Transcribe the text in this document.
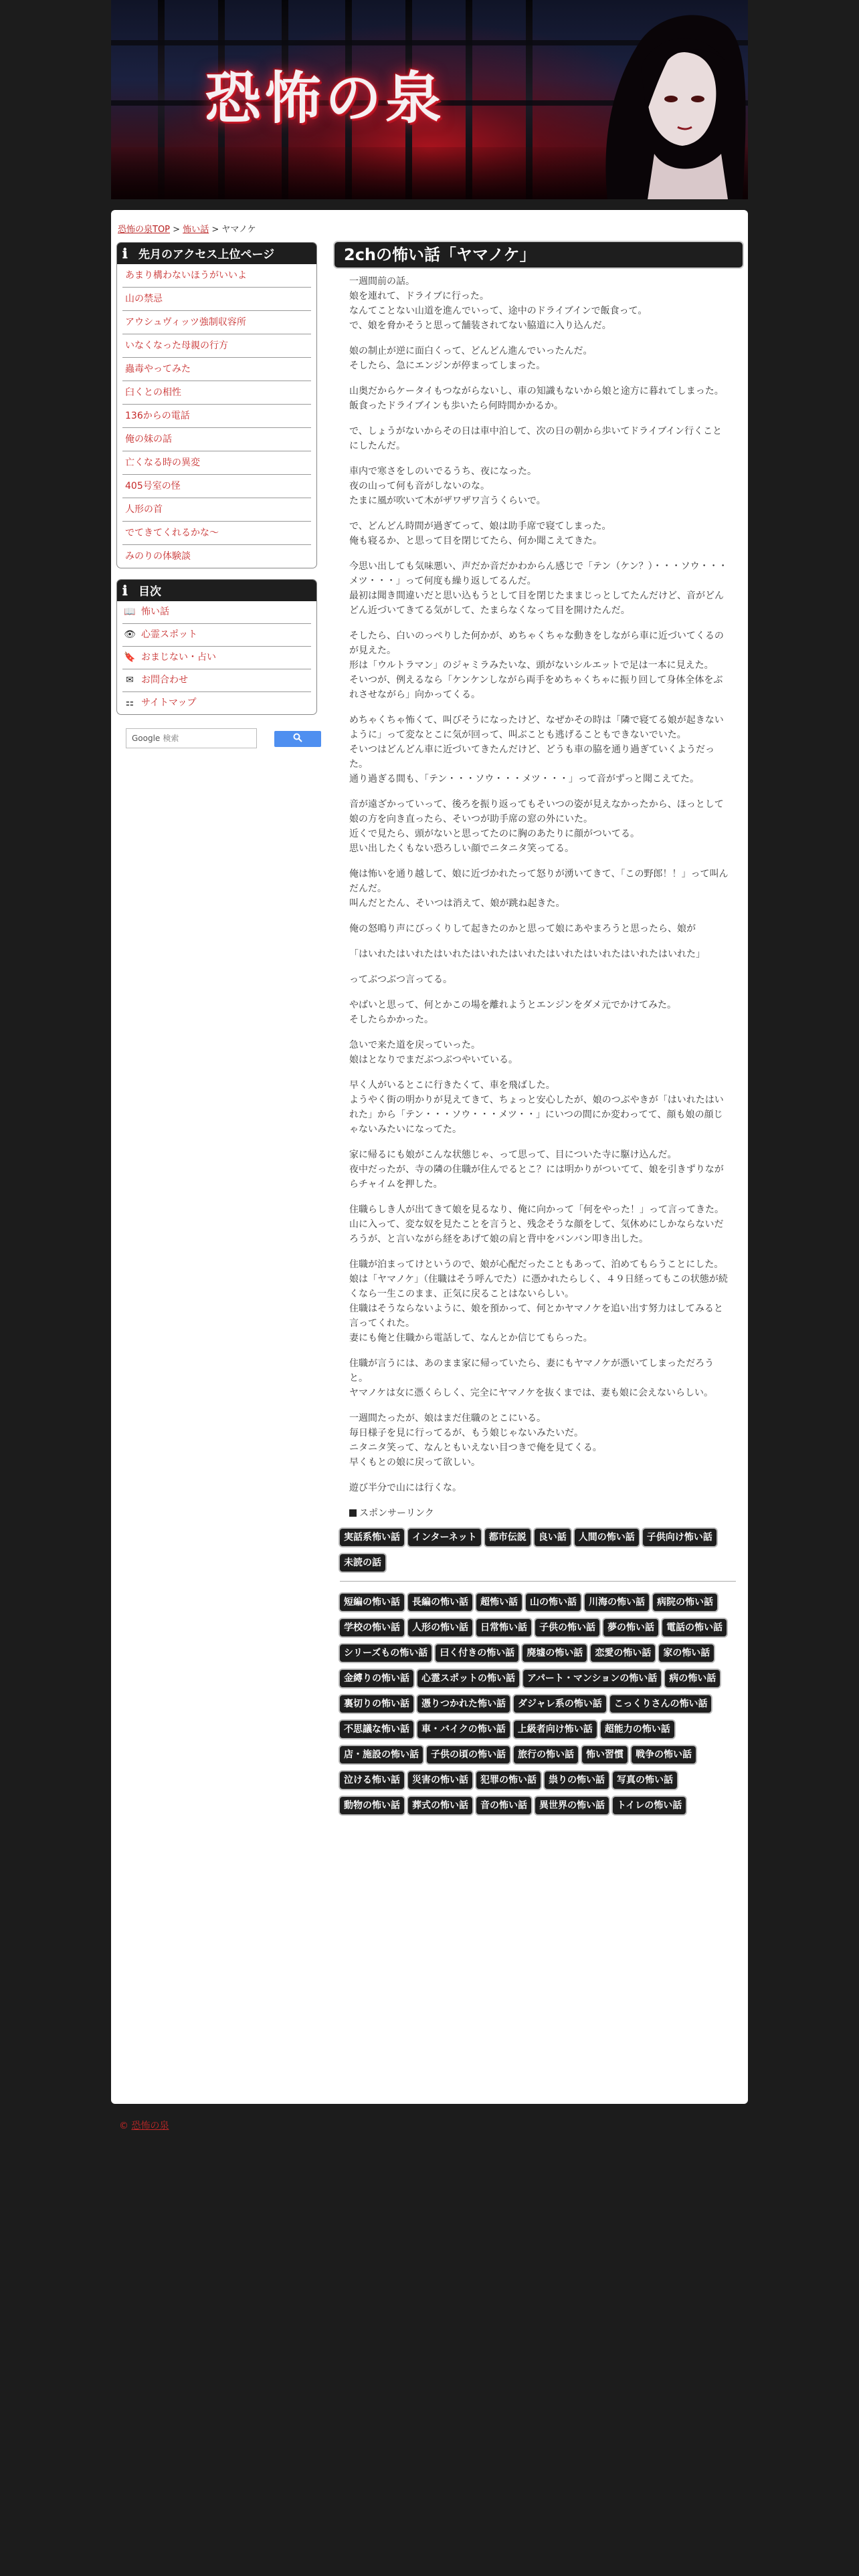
恐怖の泉
恐怖の泉TOP > 怖い話 > ヤマノケ
ℹ 先月のアクセス上位ページ
あまり構わないほうがいいよ
山の禁忌
アウシュヴィッツ強制収容所
いなくなった母親の行方
蟲毒やってみた
臼くとの相性
136からの電話
俺の妹の話
亡くなる時の異変
405号室の怪
人形の首
でてきてくれるかな〜
みのりの体験談
ℹ 目次
📖 怖い話
👁 心霊スポット
🔖 おまじない・占い
✉ お問合わせ
⚏ サイトマップ
Google 検索
2chの怖い話「ヤマノケ」

一週間前の話。
娘を連れて、ドライブに行った。
なんてことない山道を進んでいって、途中のドライブインで飯食って。
で、娘を脅かそうと思って舗装されてない脇道に入り込んだ。

娘の制止が逆に面白くって、どんどん進んでいったんだ。
そしたら、急にエンジンが停まってしまった。

山奥だからケータイもつながらないし、車の知識もないから娘と途方に暮れてしまった。
飯食ったドライブインも歩いたら何時間かかるか。

で、しょうがないからその日は車中泊して、次の日の朝から歩いてドライブイン行くことにしたんだ。

車内で寒さをしのいでるうち、夜になった。
夜の山って何も音がしないのな。
たまに風が吹いて木がザワザワ言うくらいで。

で、どんどん時間が過ぎてって、娘は助手席で寝てしまった。
俺も寝るか、と思って目を閉じてたら、何か聞こえてきた。

今思い出しても気味悪い、声だか音だかわからん感じで「テン（ケン？）・・・ソウ・・・メツ・・・」って何度も繰り返してるんだ。
最初は聞き間違いだと思い込もうとして目を閉じたままじっとしてたんだけど、音がどんどん近づいてきてる気がして、たまらなくなって目を開けたんだ。

そしたら、白いのっぺりした何かが、めちゃくちゃな動きをしながら車に近づいてくるのが見えた。
形は「ウルトラマン」のジャミラみたいな、頭がないシルエットで足は一本に見えた。
そいつが、例えるなら「ケンケンしながら両手をめちゃくちゃに振り回して身体全体をぶれさせながら」向かってくる。

めちゃくちゃ怖くて、叫びそうになったけど、なぜかその時は「隣で寝てる娘が起きないように」って変なとこに気が回って、叫ぶことも逃げることもできないでいた。
そいつはどんどん車に近づいてきたんだけど、どうも車の脇を通り過ぎていくようだった。
通り過ぎる間も、「テン・・・ソウ・・・メツ・・・」って音がずっと聞こえてた。

音が遠ざかっていって、後ろを振り返ってもそいつの姿が見えなかったから、ほっとして娘の方を向き直ったら、そいつが助手席の窓の外にいた。
近くで見たら、頭がないと思ってたのに胸のあたりに顔がついてる。
思い出したくもない恐ろしい顔でニタニタ笑ってる。

俺は怖いを通り越して、娘に近づかれたって怒りが湧いてきて、「この野郎！！」って叫んだんだ。
叫んだとたん、そいつは消えて、娘が跳ね起きた。

俺の怒鳴り声にびっくりして起きたのかと思って娘にあやまろうと思ったら、娘が

「はいれたはいれたはいれたはいれたはいれたはいれたはいれたはいれたはいれた」

ってぶつぶつ言ってる。

やばいと思って、何とかこの場を離れようとエンジンをダメ元でかけてみた。
そしたらかかった。

急いで来た道を戻っていった。
娘はとなりでまだぶつぶつやいている。

早く人がいるとこに行きたくて、車を飛ばした。
ようやく街の明かりが見えてきて、ちょっと安心したが、娘のつぶやきが「はいれたはいれた」から「テン・・・ソウ・・・メツ・・」にいつの間にか変わってて、顔も娘の顔じゃないみたいになってた。

家に帰るにも娘がこんな状態じゃ、って思って、目についた寺に駆け込んだ。
夜中だったが、寺の隣の住職が住んでるとこ？には明かりがついてて、娘を引きずりながらチャイムを押した。

住職らしき人が出てきて娘を見るなり、俺に向かって「何をやった！」って言ってきた。
山に入って、変な奴を見たことを言うと、残念そうな顔をして、気休めにしかならないだろうが、と言いながら経をあげて娘の肩と背中をバンバン叩き出した。

住職が泊まってけというので、娘が心配だったこともあって、泊めてもらうことにした。
娘は「ヤマノケ」（住職はそう呼んでた）に憑かれたらしく、４９日経ってもこの状態が続くなら一生このまま、正気に戻ることはないらしい。
住職はそうならないように、娘を預かって、何とかヤマノケを追い出す努力はしてみると言ってくれた。
妻にも俺と住職から電話して、なんとか信じてもらった。

住職が言うには、あのまま家に帰っていたら、妻にもヤマノケが憑いてしまっただろうと。
ヤマノケは女に憑くらしく、完全にヤマノケを抜くまでは、妻も娘に会えないらしい。

一週間たったが、娘はまだ住職のとこにいる。
毎日様子を見に行ってるが、もう娘じゃないみたいだ。
ニタニタ笑って、なんともいえない目つきで俺を見てくる。
早くもとの娘に戻って欲しい。

遊び半分で山には行くな。

スポンサーリンク
実話系怖い話 インターネット 都市伝説 良い話 人間の怖い話 子供向け怖い話未読の話
短編の怖い話 長編の怖い話 超怖い話 山の怖い話 川海の怖い話 病院の怖い話学校の怖い話 人形の怖い話 日常怖い話 子供の怖い話 夢の怖い話 電話の怖い話シリーズもの怖い話 曰く付きの怖い話 廃墟の怖い話 恋愛の怖い話 家の怖い話金縛りの怖い話 心霊スポットの怖い話 アパート・マンションの怖い話 病の怖い話裏切りの怖い話 憑りつかれた怖い話 ダジャレ系の怖い話 こっくりさんの怖い話不思議な怖い話 車・バイクの怖い話 上級者向け怖い話 超能力の怖い話店・施設の怖い話 子供の頃の怖い話 旅行の怖い話 怖い習慣 戦争の怖い話泣ける怖い話 災害の怖い話 犯罪の怖い話 祟りの怖い話 写真の怖い話動物の怖い話 葬式の怖い話 音の怖い話 異世界の怖い話 トイレの怖い話
© 恐怖の泉
